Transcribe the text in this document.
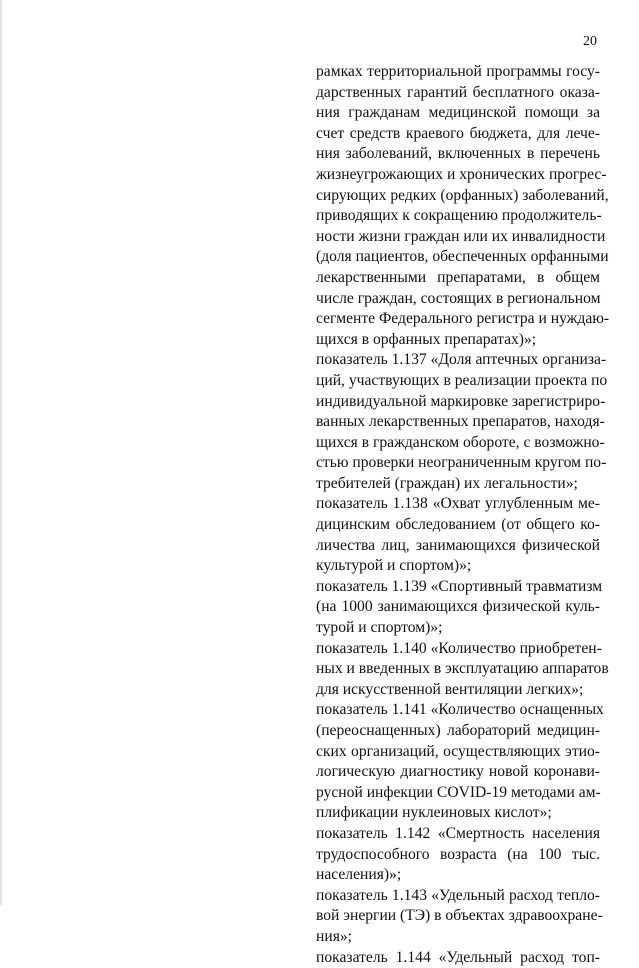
20
рамках территориальной программы госу-
дарственных гарантий бесплатного оказа-
ния гражданам медицинской помощи за
счет средств краевого бюджета, для лече-
ния заболеваний, включенных в перечень
жизнеугрожающих и хронических прогрес-
сирующих редких (орфанных) заболеваний,
приводящих к сокращению продолжитель-
ности жизни граждан или их инвалидности
(доля пациентов, обеспеченных орфанными
лекарственными препаратами, в общем
числе граждан, состоящих в региональном
сегменте Федерального регистра и нуждаю-
щихся в орфанных препаратах)»;
показатель 1.137 «Доля аптечных организа-
ций, участвующих в реализации проекта по
индивидуальной маркировке зарегистриро-
ванных лекарственных препаратов, находя-
щихся в гражданском обороте, с возможно-
стью проверки неограниченным кругом по-
требителей (граждан) их легальности»;
показатель 1.138 «Охват углубленным ме-
дицинским обследованием (от общего ко-
личества лиц, занимающихся физической
культурой и спортом)»;
показатель 1.139 «Спортивный травматизм
(на 1000 занимающихся физической куль-
турой и спортом)»;
показатель 1.140 «Количество приобретен-
ных и введенных в эксплуатацию аппаратов
для искусственной вентиляции легких»;
показатель 1.141 «Количество оснащенных
(переоснащенных) лабораторий медицин-
ских организаций, осуществляющих этио-
логическую диагностику новой коронави-
русной инфекции COVID-19 методами ам-
плификации нуклеиновых кислот»;
показатель 1.142 «Смертность населения
трудоспособного возраста (на 100 тыс.
населения)»;
показатель 1.143 «Удельный расход тепло-
вой энергии (ТЭ) в объектах здравоохране-
ния»;
показатель 1.144 «Удельный расход топ-
